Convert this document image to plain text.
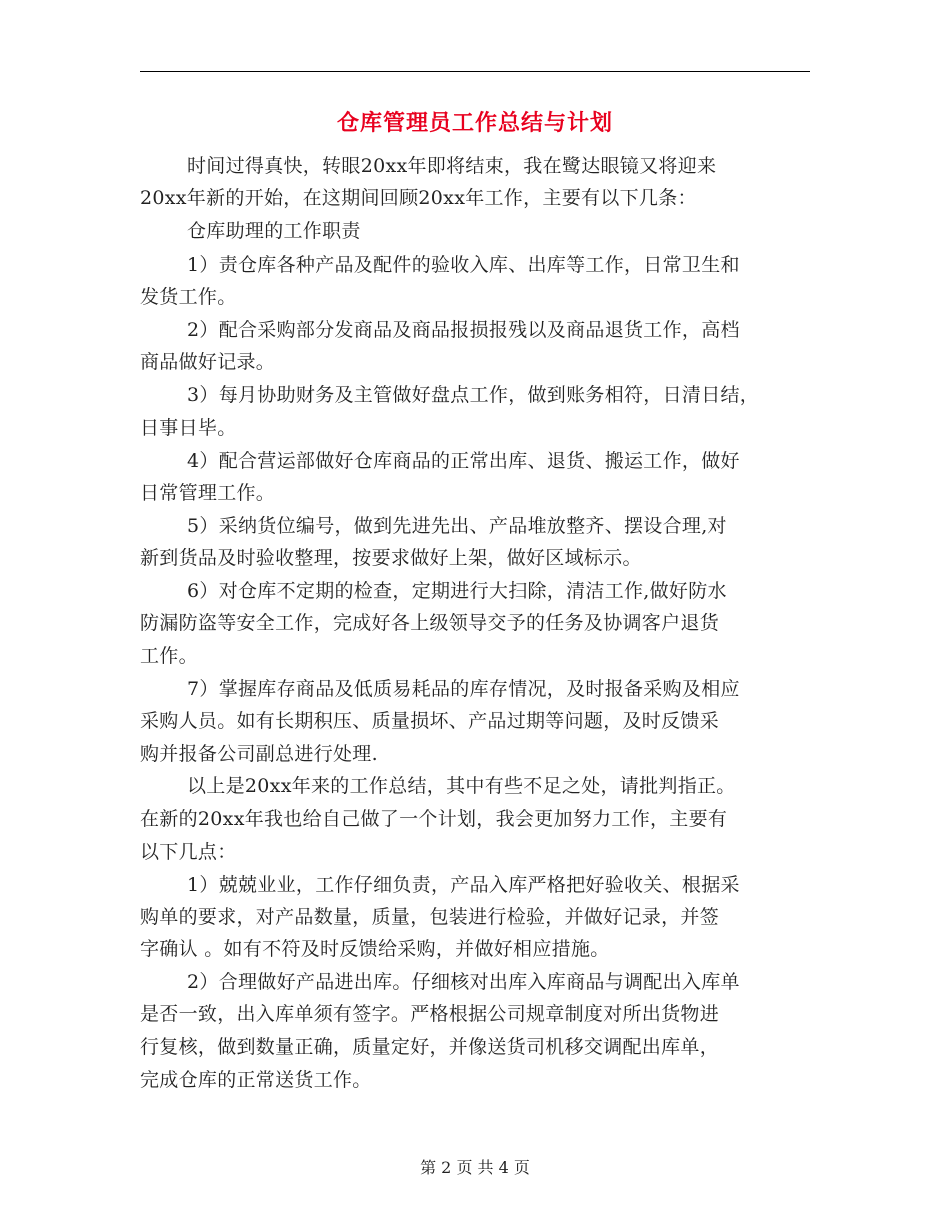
仓库管理员工作总结与计划
时间过得真快，转眼20xx年即将结束，我在鹭达眼镜又将迎来
20xx年新的开始，在这期间回顾20xx年工作，主要有以下几条：
仓库助理的工作职责
1）责仓库各种产品及配件的验收入库、出库等工作，日常卫生和
发货工作。
2）配合采购部分发商品及商品报损报残以及商品退货工作，高档
商品做好记录。
3）每月协助财务及主管做好盘点工作，做到账务相符，日清日结，
日事日毕。
4）配合营运部做好仓库商品的正常出库、退货、搬运工作，做好
日常管理工作。
5）采纳货位编号，做到先进先出、产品堆放整齐、摆设合理,对
新到货品及时验收整理，按要求做好上架，做好区域标示。
6）对仓库不定期的检查，定期进行大扫除，清洁工作,做好防水
防漏防盗等安全工作，完成好各上级领导交予的任务及协调客户退货
工作。
7）掌握库存商品及低质易耗品的库存情况，及时报备采购及相应
采购人员。如有长期积压、质量损坏、产品过期等问题，及时反馈采
购并报备公司副总进行处理.
以上是20xx年来的工作总结，其中有些不足之处，请批判指正。
在新的20xx年我也给自己做了一个计划，我会更加努力工作，主要有
以下几点：
1）兢兢业业，工作仔细负责，产品入库严格把好验收关、根据采
购单的要求，对产品数量，质量，包装进行检验，并做好记录，并签
字确认 。如有不符及时反馈给采购，并做好相应措施。
2）合理做好产品进出库。仔细核对出库入库商品与调配出入库单
是否一致，出入库单须有签字。严格根据公司规章制度对所出货物进
行复核，做到数量正确，质量定好，并像送货司机移交调配出库单，
完成仓库的正常送货工作。
第 2 页 共 4 页
